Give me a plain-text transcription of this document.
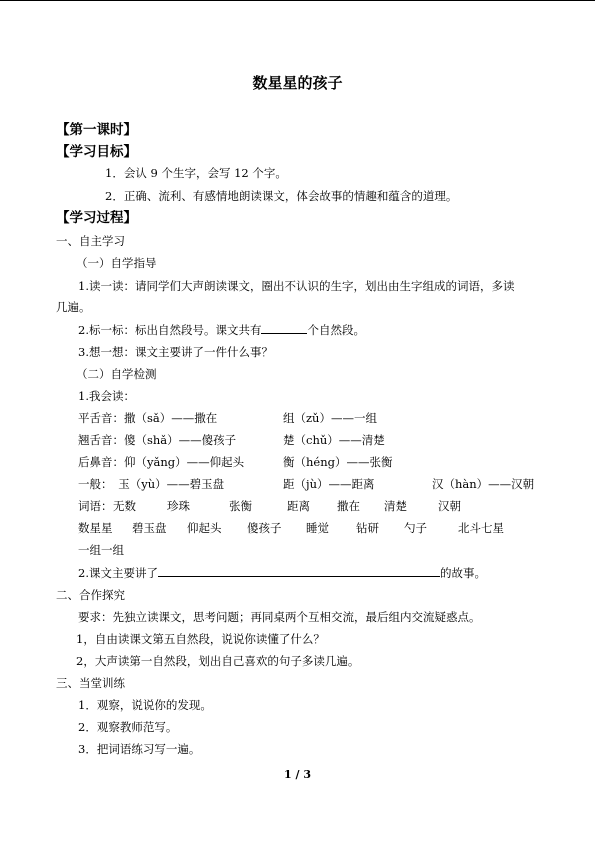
数星星的孩子
【第一课时】
【学习目标】
1．会认 9 个生字，会写 12 个字。
2．正确、流利、有感情地朗读课文，体会故事的情趣和蕴含的道理。
【学习过程】
一、自主学习
（一）自学指导
1.读一读：请同学们大声朗读课文，圈出不认识的生字，划出由生字组成的词语，多读
几遍。
2.标一标：标出自然段号。课文共有	个自然段。
3.想一想：课文主要讲了一件什么事？
（二）自学检测
1.我会读：
平舌音：撒（sǎ）——撒在	组（zǔ）——一组
翘舌音：傻（shǎ）——傻孩子	楚（chǔ）——清楚
后鼻音：仰（yǎng）——仰起头	衡（héng）——张衡
一般：　玉（yù）——碧玉盘	距（jù）——距离	汉（hàn）——汉朝
词语： 无数	珍珠	张衡	距离 撒在 清楚	汉朝
数星星 碧玉盘 仰起头 傻孩子 睡觉 钻研 勺子	北斗七星
一组一组
2.课文主要讲了	的故事。
二、合作探究
要求：先独立读课文，思考问题；再同桌两个互相交流，最后组内交流疑惑点。
1，自由读课文第五自然段，说说你读懂了什么？
2，大声读第一自然段，划出自己喜欢的句子多读几遍。
三、当堂训练
1．观察，说说你的发现。
2．观察教师范写。
3．把词语练习写一遍。
1 / 3
